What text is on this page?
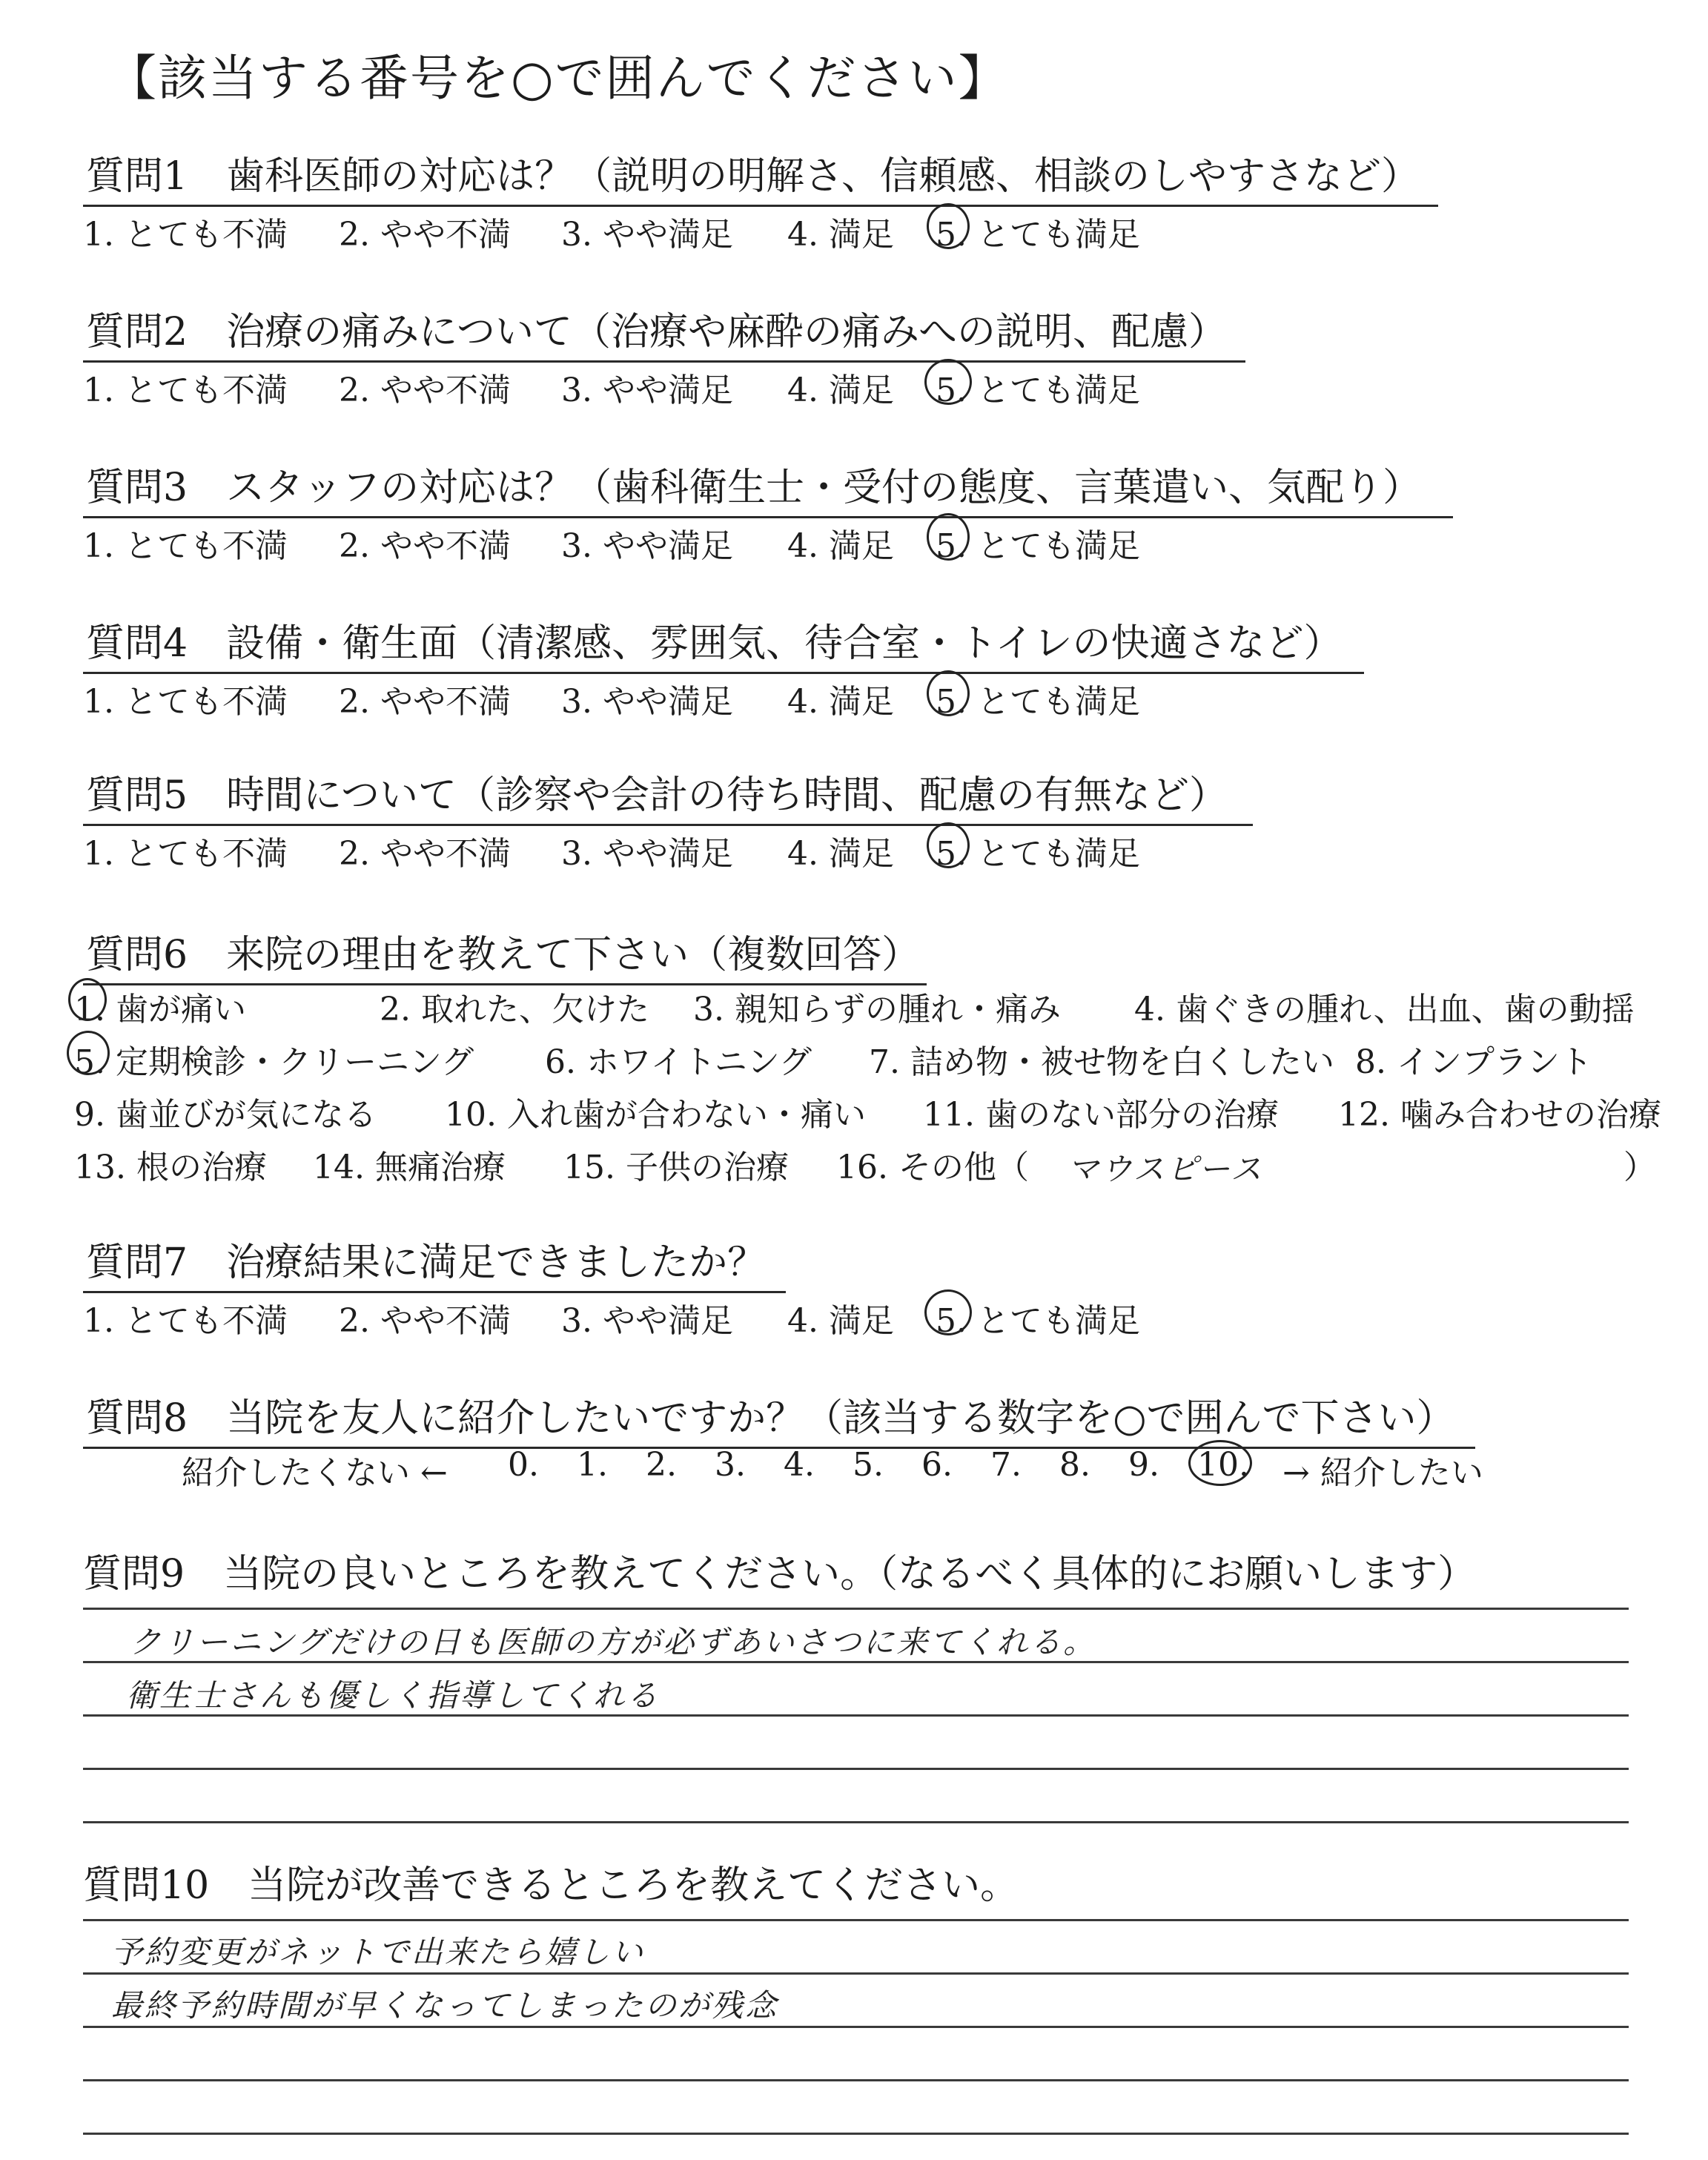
【該当する番号を○で囲んでください】
質問1　歯科医師の対応は？（説明の明解さ、信頼感、相談のしやすさなど）
1. とても不満 2. やや不満 3. やや満足 4. 満足 5. とても満足
質問2　治療の痛みについて（治療や麻酔の痛みへの説明、配慮）
1. とても不満 2. やや不満 3. やや満足 4. 満足 5. とても満足
質問3　スタッフの対応は？（歯科衛生士・受付の態度、言葉遣い、気配り）
1. とても不満 2. やや不満 3. やや満足 4. 満足 5. とても満足
質問4　設備・衛生面（清潔感、雰囲気、待合室・トイレの快適さなど）
1. とても不満 2. やや不満 3. やや満足 4. 満足 5. とても満足
質問5　時間について（診察や会計の待ち時間、配慮の有無など）
1. とても不満 2. やや不満 3. やや満足 4. 満足 5. とても満足
質問6　来院の理由を教えて下さい（複数回答）
1. 歯が痛い	2. 取れた、欠けた 3. 親知らずの腫れ・痛み 4. 歯ぐきの腫れ、出血、歯の動揺
5. 定期検診・クリーニング 6. ホワイトニング 7. 詰め物・被せ物を白くしたい 8. インプラント
9. 歯並びが気になる 10. 入れ歯が合わない・痛い 11. 歯のない部分の治療 12. 噛み合わせの治療
13. 根の治療 14. 無痛治療 15. 子供の治療 16. その他（ マウスピース	）
質問7　治療結果に満足できましたか？
1. とても不満 2. やや不満 3. やや満足 4. 満足 5. とても満足
質問8　当院を友人に紹介したいですか？（該当する数字を○で囲んで下さい）
紹介したくない ← 0. 1. 2. 3. 4. 5. 6. 7. 8. 9. 10. → 紹介したい
質問9　当院の良いところを教えてください。（なるべく具体的にお願いします）
クリーニングだけの日も医師の方が必ずあいさつに来てくれる。
衛生士さんも優しく指導してくれる
質問10　当院が改善できるところを教えてください。
予約変更がネットで出来たら嬉しい
最終予約時間が早くなってしまったのが残念
